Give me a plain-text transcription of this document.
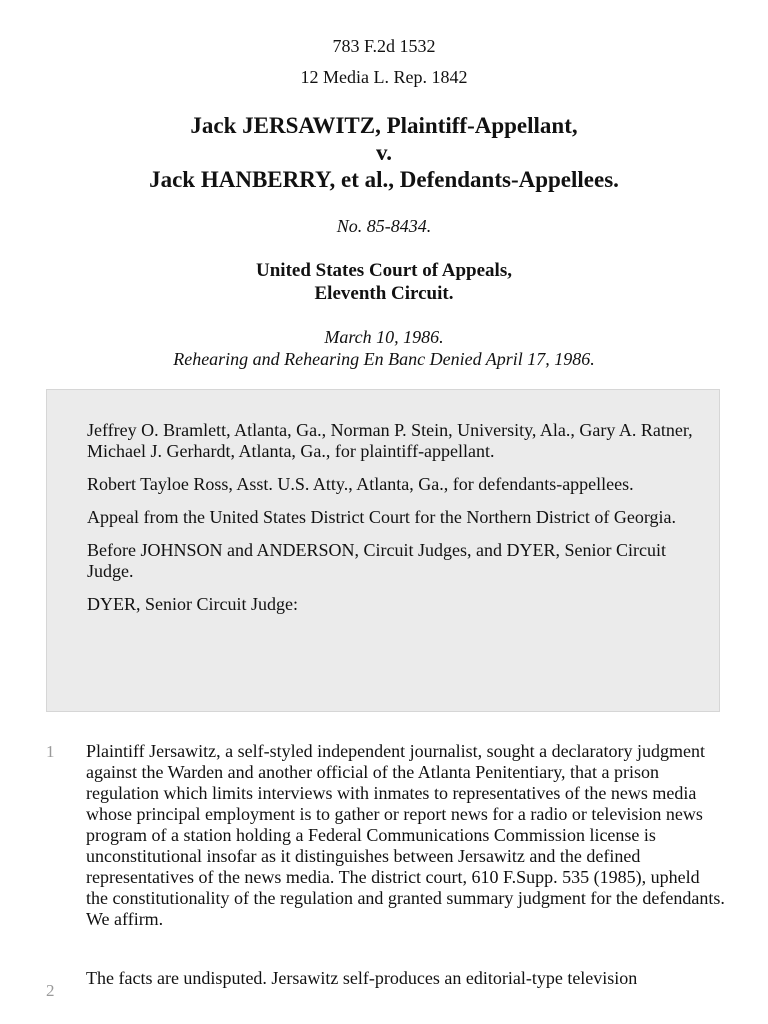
783 F.2d 1532
12 Media L. Rep. 1842
Jack JERSAWITZ, Plaintiff-Appellant,
v.
Jack HANBERRY, et al., Defendants-Appellees.
No. 85-8434.
United States Court of Appeals,
Eleventh Circuit.
March 10, 1986.
Rehearing and Rehearing En Banc Denied April 17, 1986.

Jeffrey O. Bramlett, Atlanta, Ga., Norman P. Stein, University, Ala., Gary A. Ratner, Michael J. Gerhardt, Atlanta, Ga., for plaintiff-appellant.

Robert Tayloe Ross, Asst. U.S. Atty., Atlanta, Ga., for defendants-appellees.

Appeal from the United States District Court for the Northern District of Georgia.

Before JOHNSON and ANDERSON, Circuit Judges, and DYER, Senior Circuit Judge.

DYER, Senior Circuit Judge:

1 Plaintiff Jersawitz, a self-styled independent journalist, sought a declaratory judgment against the Warden and another official of the Atlanta Penitentiary, that a prison regulation which limits interviews with inmates to representatives of the news media whose principal employment is to gather or report news for a radio or television news program of a station holding a Federal Communications Commission license is unconstitutional insofar as it distinguishes between Jersawitz and the defined representatives of the news media. The district court, 610 F.Supp. 535 (1985), upheld the constitutionality of the regulation and granted summary judgment for the defendants. We affirm.
2
The facts are undisputed. Jersawitz self-produces an editorial-type television
